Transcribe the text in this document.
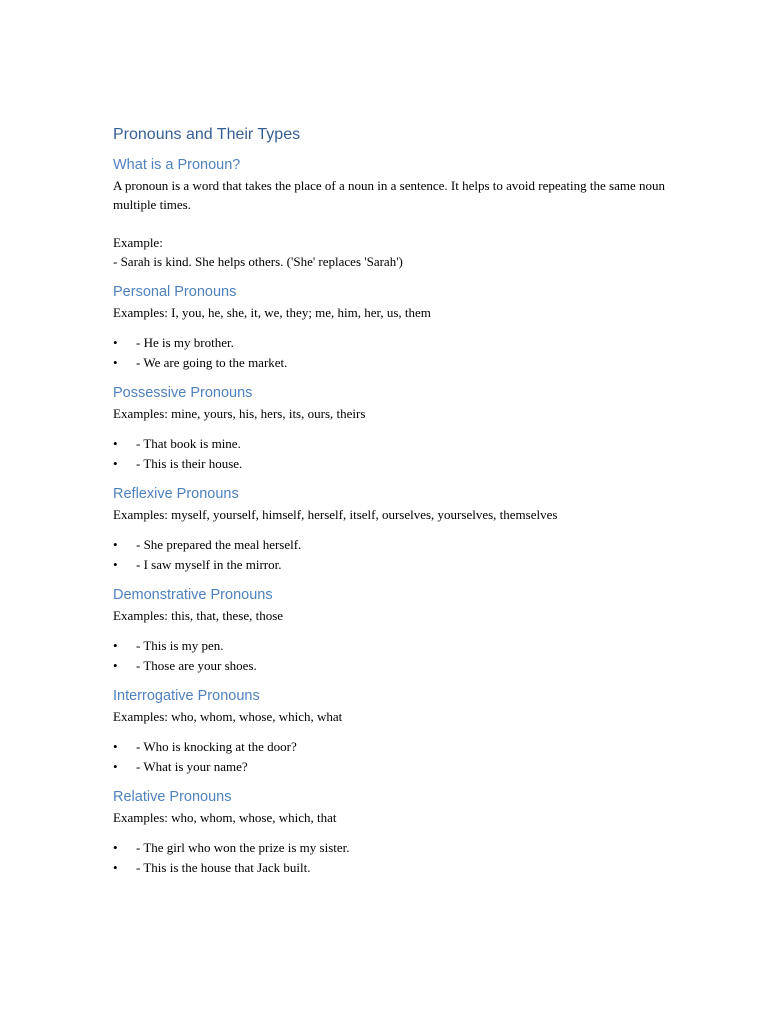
Pronouns and Their Types
What is a Pronoun?

A pronoun is a word that takes the place of a noun in a sentence. It helps to avoid repeating the same noun multiple times.

Example:

- Sarah is kind. She helps others. ('She' replaces 'Sarah')

Personal Pronouns

Examples: I, you, he, she, it, we, they; me, him, her, us, them

• - He is my brother.
• - We are going to the market.
Possessive Pronouns

Examples: mine, yours, his, hers, its, ours, theirs

• - That book is mine.
• - This is their house.
Reflexive Pronouns

Examples: myself, yourself, himself, herself, itself, ourselves, yourselves, themselves

• - She prepared the meal herself.
• - I saw myself in the mirror.
Demonstrative Pronouns

Examples: this, that, these, those

• - This is my pen.
• - Those are your shoes.
Interrogative Pronouns

Examples: who, whom, whose, which, what

• - Who is knocking at the door?
• - What is your name?
Relative Pronouns

Examples: who, whom, whose, which, that

• - The girl who won the prize is my sister.
• - This is the house that Jack built.
